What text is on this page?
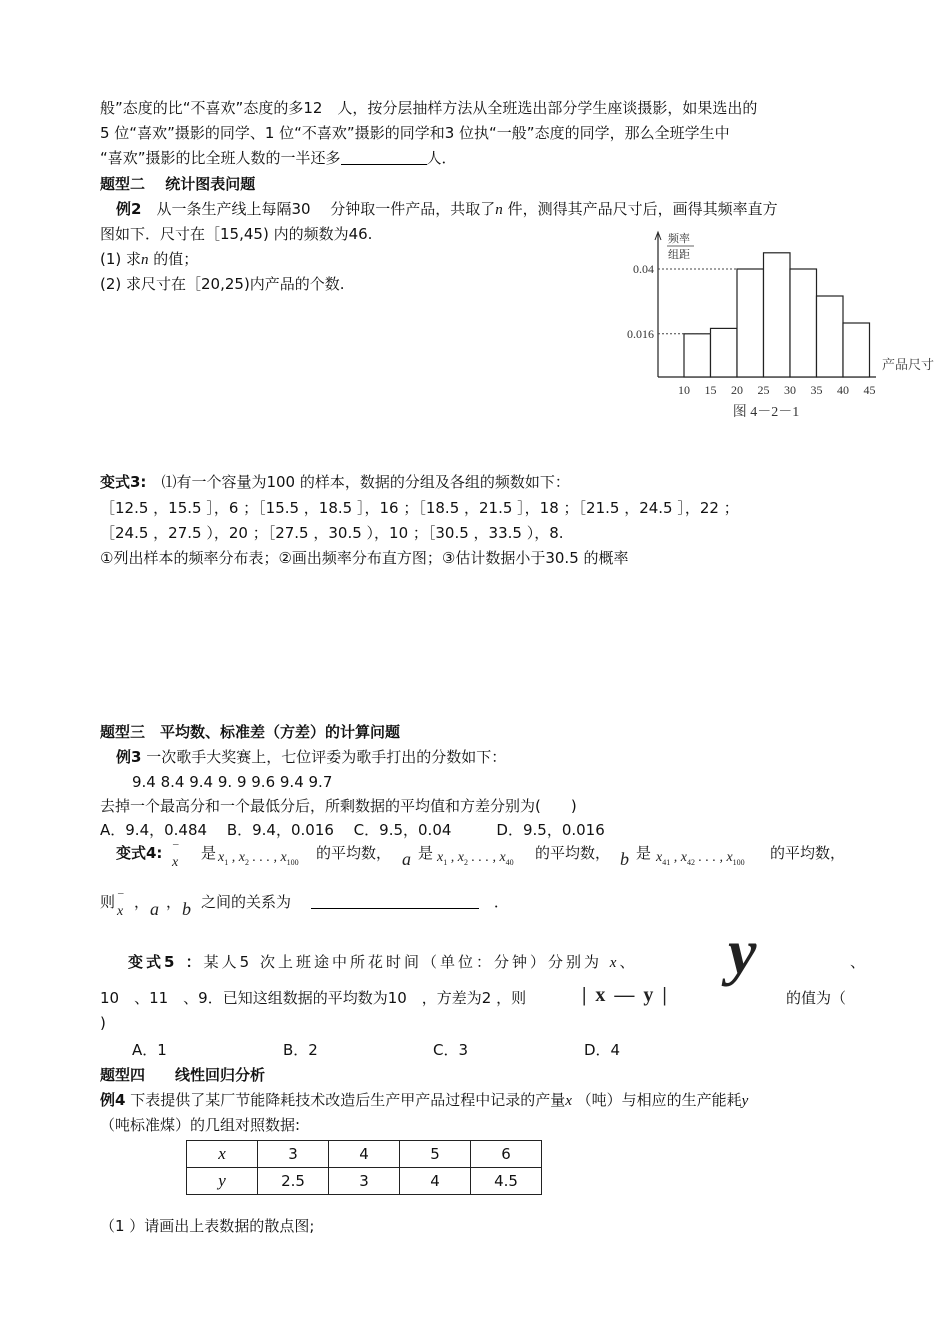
般”态度的比“不喜欢”态度的多12　人，按分层抽样方法从全班选出部分学生座谈摄影，如果选出的
5 位“喜欢”摄影的同学、1 位“不喜欢”摄影的同学和3 位执“一般”态度的同学，那么全班学生中
“喜欢”摄影的比全班人数的一半还多	人．
题型二　 统计图表问题
例2　从一条生产线上每隔30　 分钟取一件产品，共取了n 件，测得其产品尺寸后，画得其频率直方
图如下．尺寸在［15,45) 内的频数为46.
(1) 求n 的值；
(2) 求尺寸在［20,25)内产品的个数.
0.04
0.016
10 15 20 25 30 35 40 45
频率
组距
产品尺寸
图 4－2－1
变式3:　⑴有一个容量为100 的样本，数据的分组及各组的频数如下：
［12.5 ，15.5 ］，6 ；［15.5 ，18.5 ］，16 ；［18.5 ，21.5 ］，18 ；［21.5 ，24.5 ］，22 ；
［24.5 ，27.5 ），20 ；［27.5 ，30.5 ），10 ；［30.5 ，33.5 ），8.
①列出样本的频率分布表；②画出频率分布直方图；③估计数据小于30.5 的概率
题型三　平均数、标准差（方差）的计算问题
例3 一次歌手大奖赛上，七位评委为歌手打出的分数如下：
9.4 8.4 9.4 9. 9 9.6 9.4 9.7
去掉一个最高分和一个最低分后，所剩数据的平均值和方差分别为(　　)
A．9.4，0.484　 B．9.4，0.016　 C．9.5，0.04　　　D．9.5，0.016
变式4: –
x
是 $x_1$ , $x_2$ . . . , $x_{100}$
的平均数， a 是 $x_1$ , $x_2$ . . . , $x_{40}$
的平均数， b 是 $x_{41}$ , $x_{42}$ . . . , $x_{100}$
的平均数，
则 –
x
， a ， b 之间的关系为　 　	．
变式5 ：某人5 次上班途中所花时间（单位：分钟）分别为 x、 y	、
10　、11　、9．已知这组数据的平均数为10　，方差为2 ，则	| x — y |	的值为（
)
A．1	B．2	C．3	D．4
题型四　　线性回归分析
例4 下表提供了某厂节能降耗技术改造后生产甲产品过程中记录的产量x （吨）与相应的生产能耗y
（吨标准煤）的几组对照数据:
x	3	4	5	6
y	2.5	3	4	4.5
（1 ）请画出上表数据的散点图;
